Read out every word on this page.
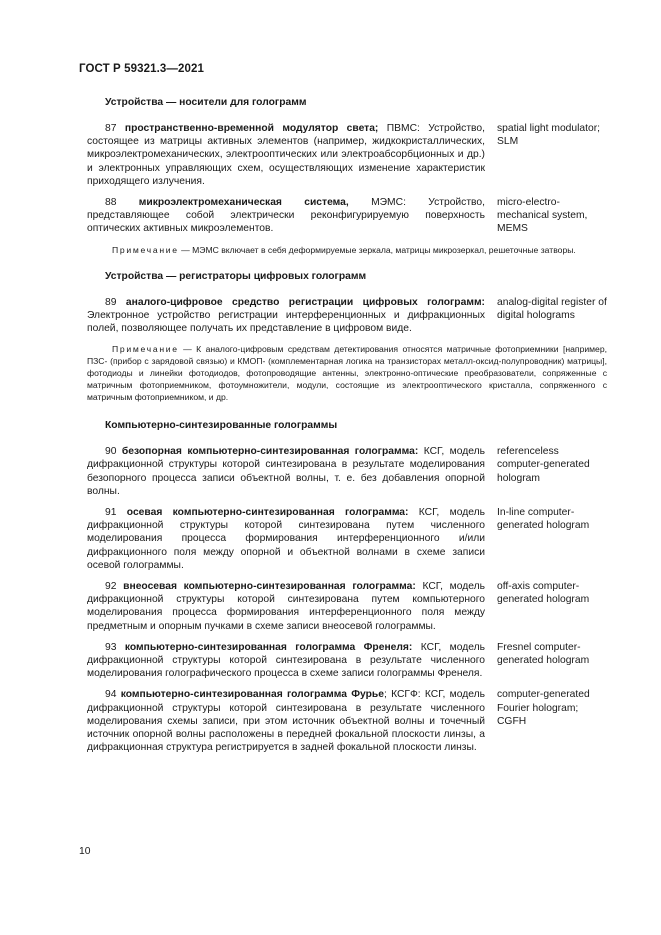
ГОСТ Р 59321.3—2021
Устройства — носители для голограмм
87 пространственно-временной модулятор света; ПВМС: Устройство, состоящее из матрицы активных элементов (например, жидкокристаллических, микроэлектромеханических, электрооптических или электроабсорбционных и др.) и электронных управляющих схем, осуществляющих изменение характеристик приходящего излучения.
spatial light modulator; SLM
88 микроэлектромеханическая система, МЭМС: Устройство, представляющее собой электрически реконфигурируемую поверхность оптических активных микроэлементов.
micro-electro-mechanical system, MEMS
Примечание — МЭМС включает в себя деформируемые зеркала, матрицы микрозеркал, решеточные затворы.
Устройства — регистраторы цифровых голограмм
89 аналого-цифровое средство регистрации цифровых голограмм: Электронное устройство регистрации интерференционных и дифракционных полей, позволяющее получать их представление в цифровом виде.
analog-digital register of digital holograms
Примечание — К аналого-цифровым средствам детектирования относятся матричные фотоприемники [например, ПЗС- (прибор с зарядовой связью) и КМОП- (комплементарная логика на транзисторах металл-оксид-полупроводник) матрицы], фотодиоды и линейки фотодиодов, фотопроводящие антенны, электронно-оптические преобразователи, сопряженные с матричным фотоприемником, фотоумножители, модули, состоящие из электрооптического кристалла, сопряженного с матричным фотоприемником, и др.
Компьютерно-синтезированные голограммы
90 безопорная компьютерно-синтезированная голограмма: КСГ, модель дифракционной структуры которой синтезирована в результате моделирования безопорного процесса записи объектной волны, т. е. без добавления опорной волны.
referenceless computer-generated hologram
91 осевая компьютерно-синтезированная голограмма: КСГ, модель дифракционной структуры которой синтезирована путем численного моделирования процесса формирования интерференционного и/или дифракционного поля между опорной и объектной волнами в схеме записи осевой голограммы.
In-line computer-generated hologram
92 внеосевая компьютерно-синтезированная голограмма: КСГ, модель дифракционной структуры которой синтезирована путем компьютерного моделирования процесса формирования интерференционного поля между предметным и опорным пучками в схеме записи внеосевой голограммы.
off-axis computer-generated hologram
93 компьютерно-синтезированная голограмма Френеля: КСГ, модель дифракционной структуры которой синтезирована в результате численного моделирования голографического процесса в схеме записи голограммы Френеля.
Fresnel computer-generated hologram
94 компьютерно-синтезированная голограмма Фурье; КСГФ: КСГ, модель дифракционной структуры которой синтезирована в результате численного моделирования схемы записи, при этом источник объектной волны и точечный источник опорной волны расположены в передней фокальной плоскости линзы, а дифракционная структура регистрируется в задней фокальной плоскости линзы.
computer-generated Fourier hologram; CGFH
10
